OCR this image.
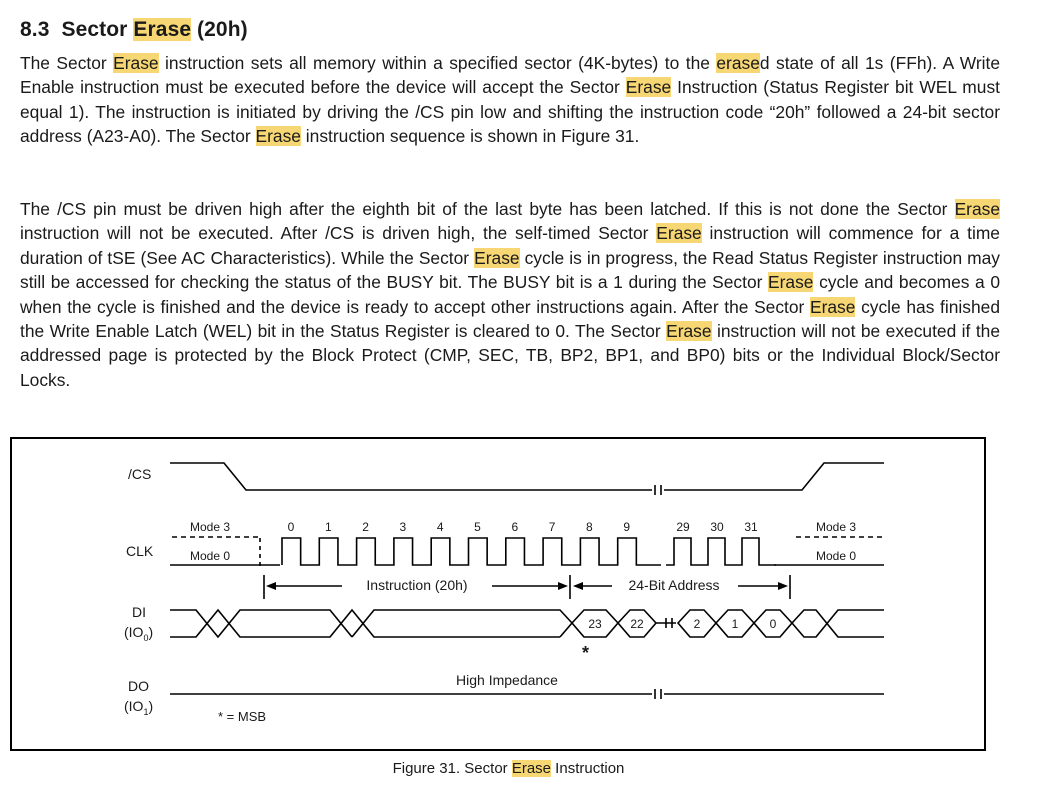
8.3 Sector Erase (20h)

The Sector Erase instruction sets all memory within a specified sector (4K-bytes) to the erased state of all 1s (FFh). A Write Enable instruction must be executed before the device will accept the Sector Erase Instruction (Status Register bit WEL must equal 1). The instruction is initiated by driving the /CS pin low and shifting the instruction code “20h” followed a 24-bit sector address (A23-A0). The Sector Erase instruction sequence is shown in Figure 31.

The /CS pin must be driven high after the eighth bit of the last byte has been latched. If this is not done the Sector Erase instruction will not be executed. After /CS is driven high, the self-timed Sector Erase instruction will commence for a time duration of tSE (See AC Characteristics). While the Sector Erase cycle is in progress, the Read Status Register instruction may still be accessed for checking the status of the BUSY bit. The BUSY bit is a 1 during the Sector Erase cycle and becomes a 0 when the cycle is finished and the device is ready to accept other instructions again. After the Sector Erase cycle has finished the Write Enable Latch (WEL) bit in the Status Register is cleared to 0. The Sector Erase instruction will not be executed if the addressed page is protected by the Block Protect (CMP, SEC, TB, BP2, BP1, and BP0) bits or the Individual Block/Sector Locks.

/CS
CLK
DI
$(IO_0)$
DO
$(IO_1)$
Mode 3
Mode 0
Mode 3
Mode 0
0	1	2	3	4	5	6	7	8	9	29 30 31
Instruction (20h)	24-Bit Address
23 22	2	1	0
*
High Impedance
* = MSB
Figure 31. Sector Erase Instruction
